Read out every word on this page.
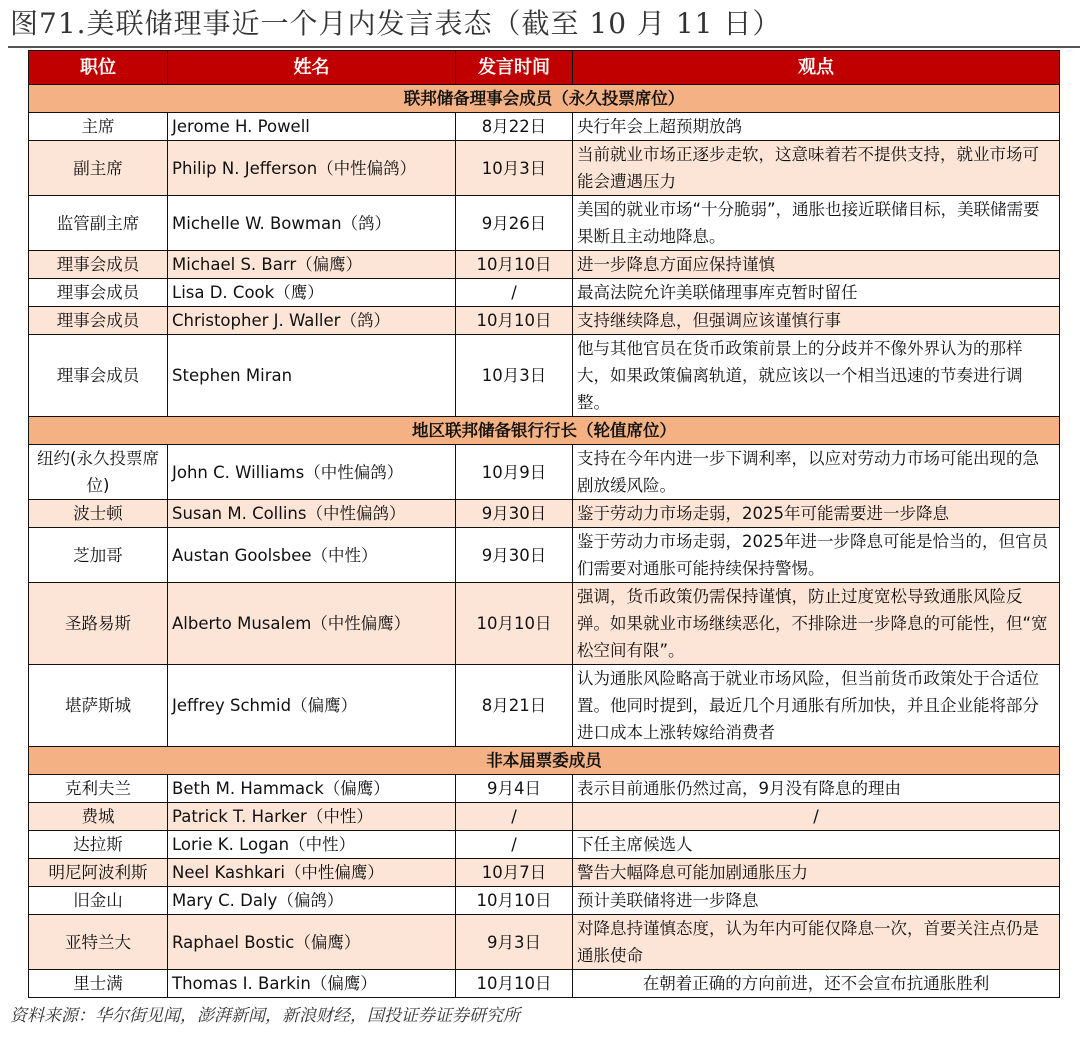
图71.美联储理事近一个月内发言表态（截至 10 月 11 日）
职位	姓名	发言时间	观点
联邦储备理事会成员（永久投票席位）			
主席	Jerome H. Powell	8月22日	央行年会上超预期放鸽
副主席	Philip N. Jefferson（中性偏鸽）	10月3日	当前就业市场正逐步走软，这意味着若不提供支持，就业市场可能会遭遇压力
监管副主席	Michelle W. Bowman（鸽）	9月26日	美国的就业市场“十分脆弱”，通胀也接近联储目标，美联储需要果断且主动地降息。
理事会成员	Michael S. Barr（偏鹰）	10月10日	进一步降息方面应保持谨慎
理事会成员	Lisa D. Cook（鹰）	/	最高法院允许美联储理事库克暂时留任
理事会成员	Christopher J. Waller（鸽）	10月10日	支持继续降息，但强调应该谨慎行事
理事会成员	Stephen Miran	10月3日	他与其他官员在货币政策前景上的分歧并不像外界认为的那样大，如果政策偏离轨道，就应该以一个相当迅速的节奏进行调整。
地区联邦储备银行行长（轮值席位）			
纽约(永久投票席位)	John C. Williams（中性偏鸽）	10月9日	支持在今年内进一步下调利率，以应对劳动力市场可能出现的急剧放缓风险。
波士顿	Susan M. Collins（中性偏鸽）	9月30日	鉴于劳动力市场走弱，2025年可能需要进一步降息
芝加哥	Austan Goolsbee（中性）	9月30日	鉴于劳动力市场走弱，2025年进一步降息可能是恰当的，但官员们需要对通胀可能持续保持警惕。
圣路易斯	Alberto Musalem（中性偏鹰）	10月10日	强调，货币政策仍需保持谨慎，防止过度宽松导致通胀风险反弹。如果就业市场继续恶化，不排除进一步降息的可能性，但“宽松空间有限”。
堪萨斯城	Jeffrey Schmid（偏鹰）	8月21日	认为通胀风险略高于就业市场风险，但当前货币政策处于合适位置。他同时提到，最近几个月通胀有所加快，并且企业能将部分进口成本上涨转嫁给消费者
非本届票委成员			
克利夫兰	Beth M. Hammack（偏鹰）	9月4日	表示目前通胀仍然过高，9月没有降息的理由
费城	Patrick T. Harker（中性）	/	/
达拉斯	Lorie K. Logan（中性）	/	下任主席候选人
明尼阿波利斯	Neel Kashkari（中性偏鹰）	10月7日	警告大幅降息可能加剧通胀压力
旧金山	Mary C. Daly（偏鸽）	10月10日	预计美联储将进一步降息
亚特兰大	Raphael Bostic（偏鹰）	9月3日	对降息持谨慎态度，认为年内可能仅降息一次，首要关注点仍是通胀使命
里士满	Thomas I. Barkin（偏鹰）	10月10日	在朝着正确的方向前进，还不会宣布抗通胀胜利
资料来源：华尔街见闻，澎湃新闻，新浪财经，国投证券证券研究所
